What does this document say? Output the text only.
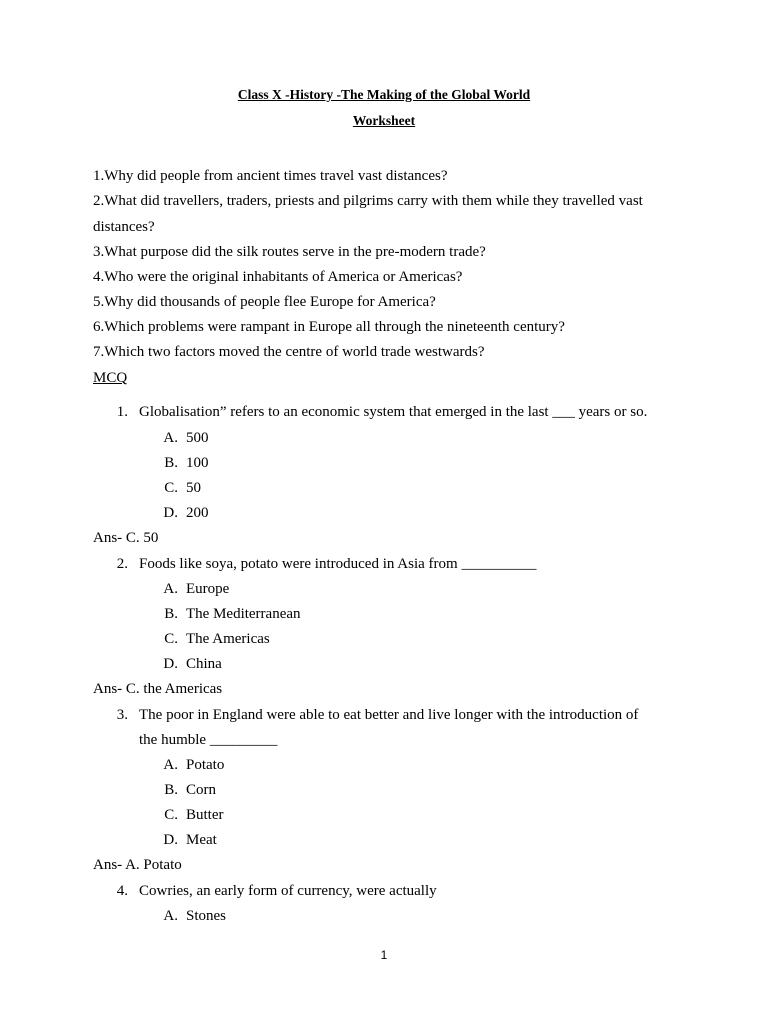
Class X -History -The Making of the Global World
Worksheet
1.Why did people from ancient times travel vast distances?
2.What did travellers, traders, priests and pilgrims carry with them while they travelled vast
distances?
3.What purpose did the silk routes serve in the pre-modern trade?
4.Who were the original inhabitants of America or Americas?
5.Why did thousands of people flee Europe for America?
6.Which problems were rampant in Europe all through the nineteenth century?
7.Which two factors moved the centre of world trade westwards?
MCQ
1. Globalisation” refers to an economic system that emerged in the last ___ years or so.
A. 500
B. 100
C. 50
D. 200
Ans- C. 50
2. Foods like soya, potato were introduced in Asia from __________
A. Europe
B. The Mediterranean
C. The Americas
D. China
Ans- C. the Americas
3. The poor in England were able to eat better and live longer with the introduction of
the humble _________
A. Potato
B. Corn
C. Butter
D. Meat
Ans- A. Potato
4. Cowries, an early form of currency, were actually
A. Stones
1
